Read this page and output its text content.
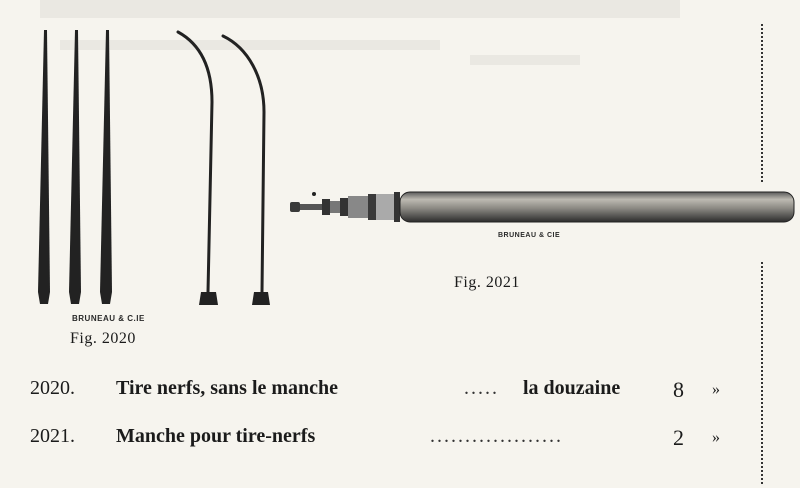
BRUNEAU & C.IE
Fig. 2020
BRUNEAU & CIE
Fig. 2021
2020. Tire nerfs, sans le manche	..... la douzaine 8 »
2021. Manche pour tire-nerfs	...................	2 »
